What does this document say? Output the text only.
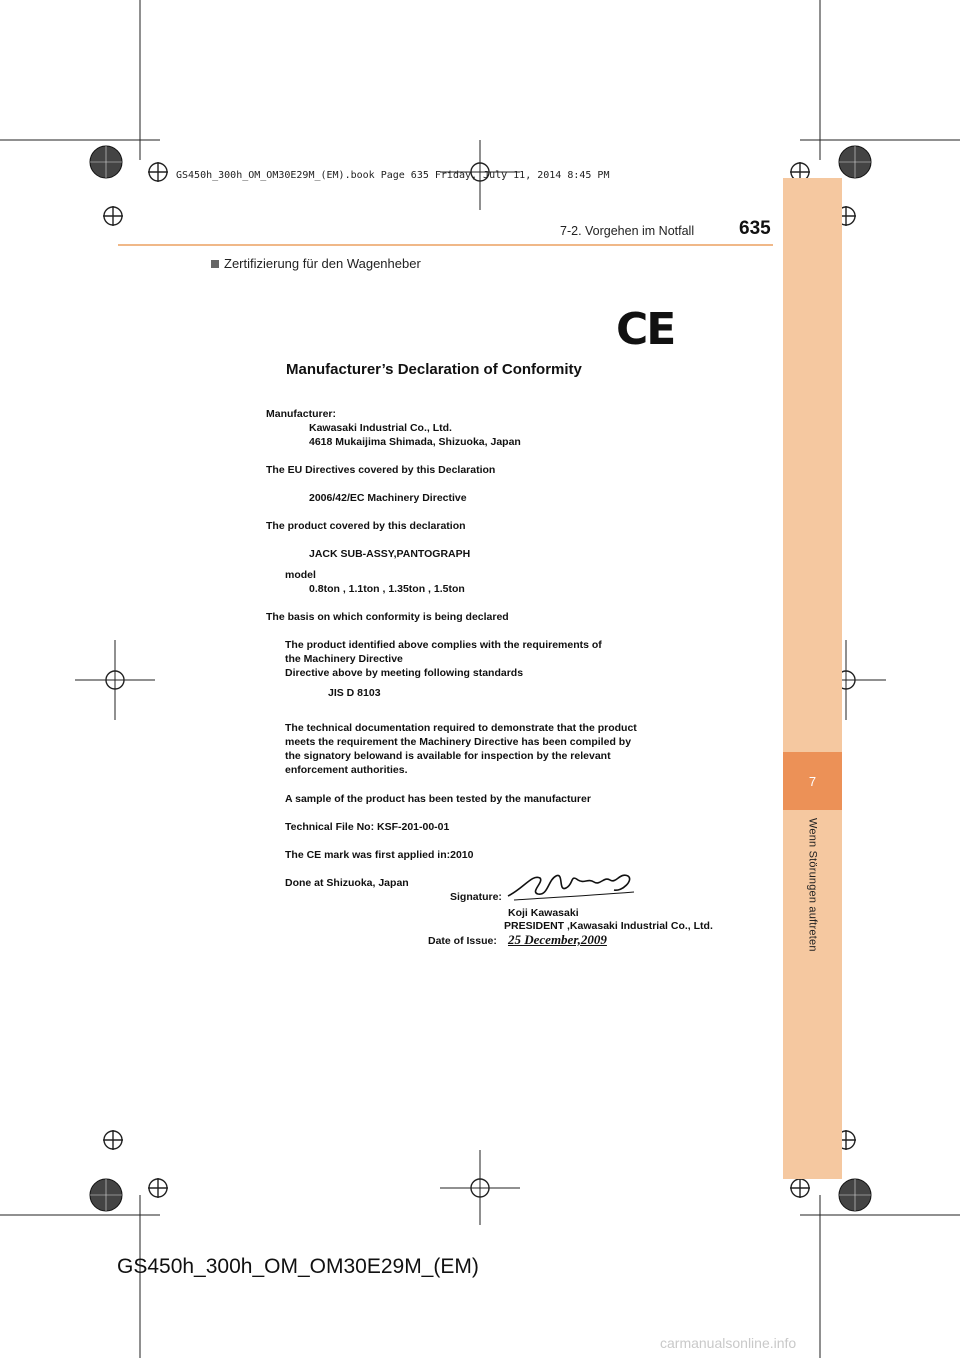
GS450h_300h_OM_OM30E29M_(EM).book Page 635 Friday, July 11, 2014 8:45 PM
7
Wenn Störungen auftreten
7-2. Vorgehen im Notfall 635
Zertifizierung für den Wagenheber
CE
Manufacturer’s Declaration of Conformity
Manufacturer:
Kawasaki Industrial Co., Ltd.
4618 Mukaijima Shimada, Shizuoka, Japan
The EU Directives covered by this Declaration
2006/42/EC Machinery Directive
The product covered by this declaration
JACK SUB-ASSY,PANTOGRAPH
model
0.8ton , 1.1ton , 1.35ton , 1.5ton
The basis on which conformity is being declared
The product identified above complies with the requirements of
the Machinery Directive
Directive above by meeting following standards
JIS D 8103
The technical documentation required to demonstrate that the product
meets the requirement the Machinery Directive has been compiled by
the signatory belowand is available for inspection by the relevant
enforcement authorities.
A sample of the product has been tested by the manufacturer
Technical File No: KSF-201-00-01
The CE mark was first applied in:2010
Done at Shizuoka, Japan
Signature:
Koji Kawasaki
PRESIDENT ,Kawasaki Industrial Co., Ltd.
Date of Issue: 25 December,2009
GS450h_300h_OM_OM30E29M_(EM)
carmanualsonline.info
